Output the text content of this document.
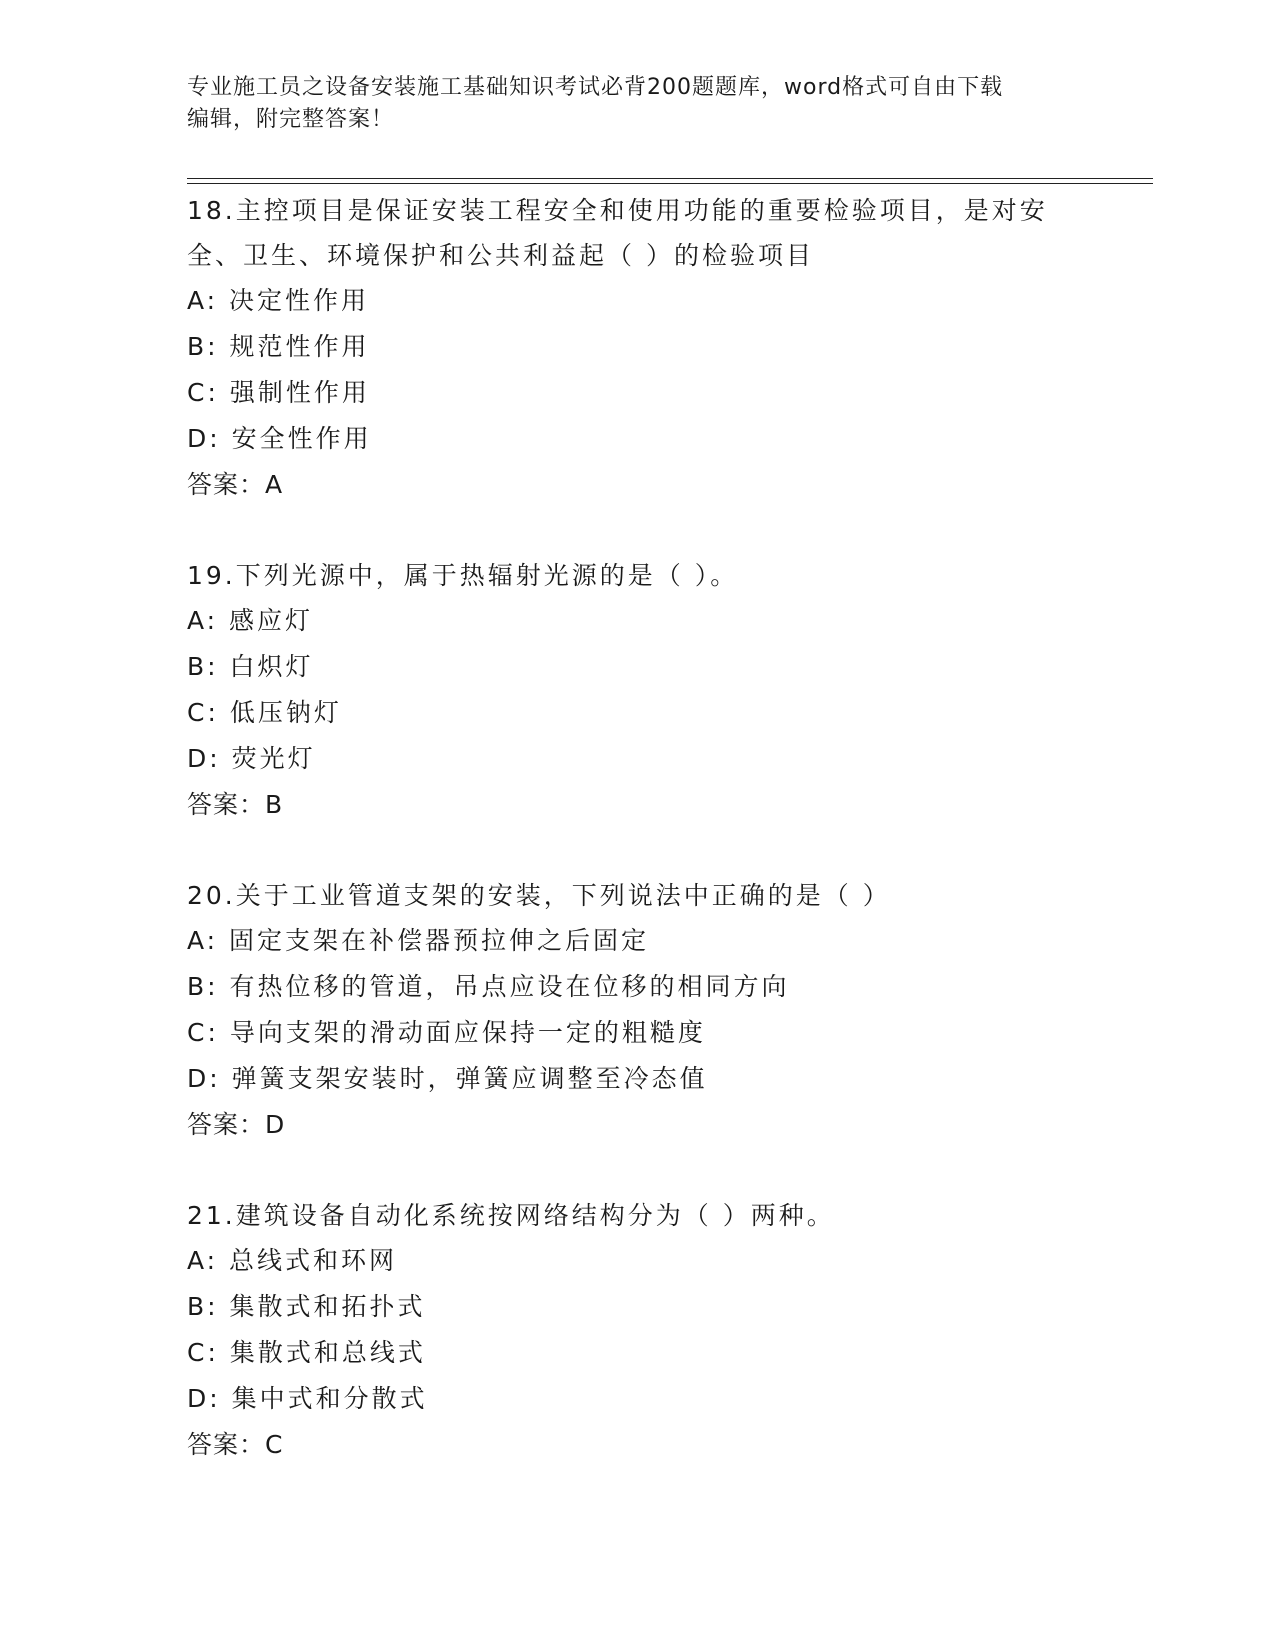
专业施工员之设备安装施工基础知识考试必背200题题库，word格式可自由下载
编辑，附完整答案！
18.主控项目是保证安装工程安全和使用功能的重要检验项目，是对安
全、卫生、环境保护和公共利益起（ ）的检验项目
A: 决定性作用
B: 规范性作用
C: 强制性作用
D: 安全性作用
答案：A
19.下列光源中，属于热辐射光源的是（ ）。
A: 感应灯
B: 白炽灯
C: 低压钠灯
D: 荧光灯
答案：B
20.关于工业管道支架的安装，下列说法中正确的是（ ）
A: 固定支架在补偿器预拉伸之后固定
B: 有热位移的管道，吊点应设在位移的相同方向
C: 导向支架的滑动面应保持一定的粗糙度
D: 弹簧支架安装时，弹簧应调整至冷态值
答案：D
21.建筑设备自动化系统按网络结构分为（ ）两种。
A: 总线式和环网
B: 集散式和拓扑式
C: 集散式和总线式
D: 集中式和分散式
答案：C
